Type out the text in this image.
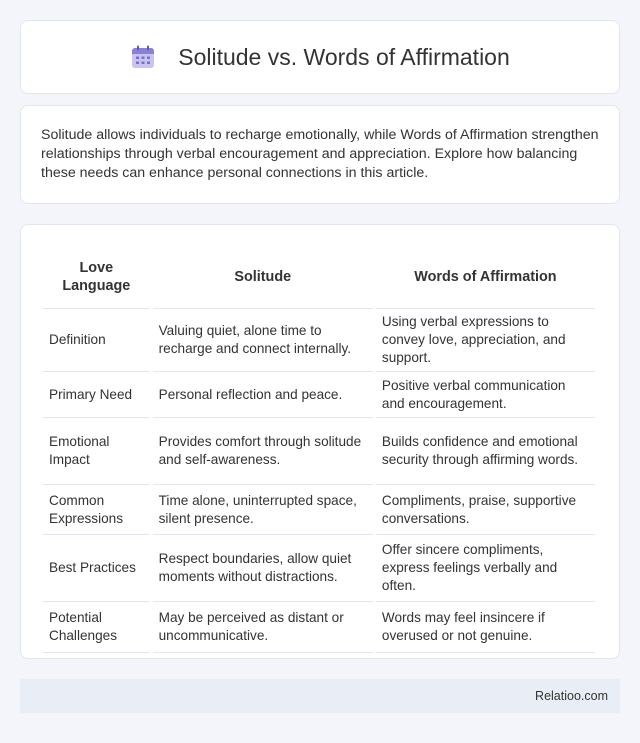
Solitude vs. Words of Affirmation

Solitude allows individuals to recharge emotionally, while Words of Affirmation strengthen relationships through verbal encouragement and appreciation. Explore how balancing these needs can enhance personal connections in this article.

Love Language	Solitude	Words of Affirmation
Definition	Valuing quiet, alone time to recharge and connect internally.	Using verbal expressions to convey love, appreciation, and support.
Primary Need	Personal reflection and peace.	Positive verbal communication and encouragement.
Emotional Impact	Provides comfort through solitude and self-awareness.	Builds confidence and emotional security through affirming words.
Common Expressions	Time alone, uninterrupted space, silent presence.	Compliments, praise, supportive conversations.
Best Practices	Respect boundaries, allow quiet moments without distractions.	Offer sincere compliments, express feelings verbally and often.
Potential Challenges	May be perceived as distant or uncommunicative.	Words may feel insincere if overused or not genuine.
Relatioo.com
